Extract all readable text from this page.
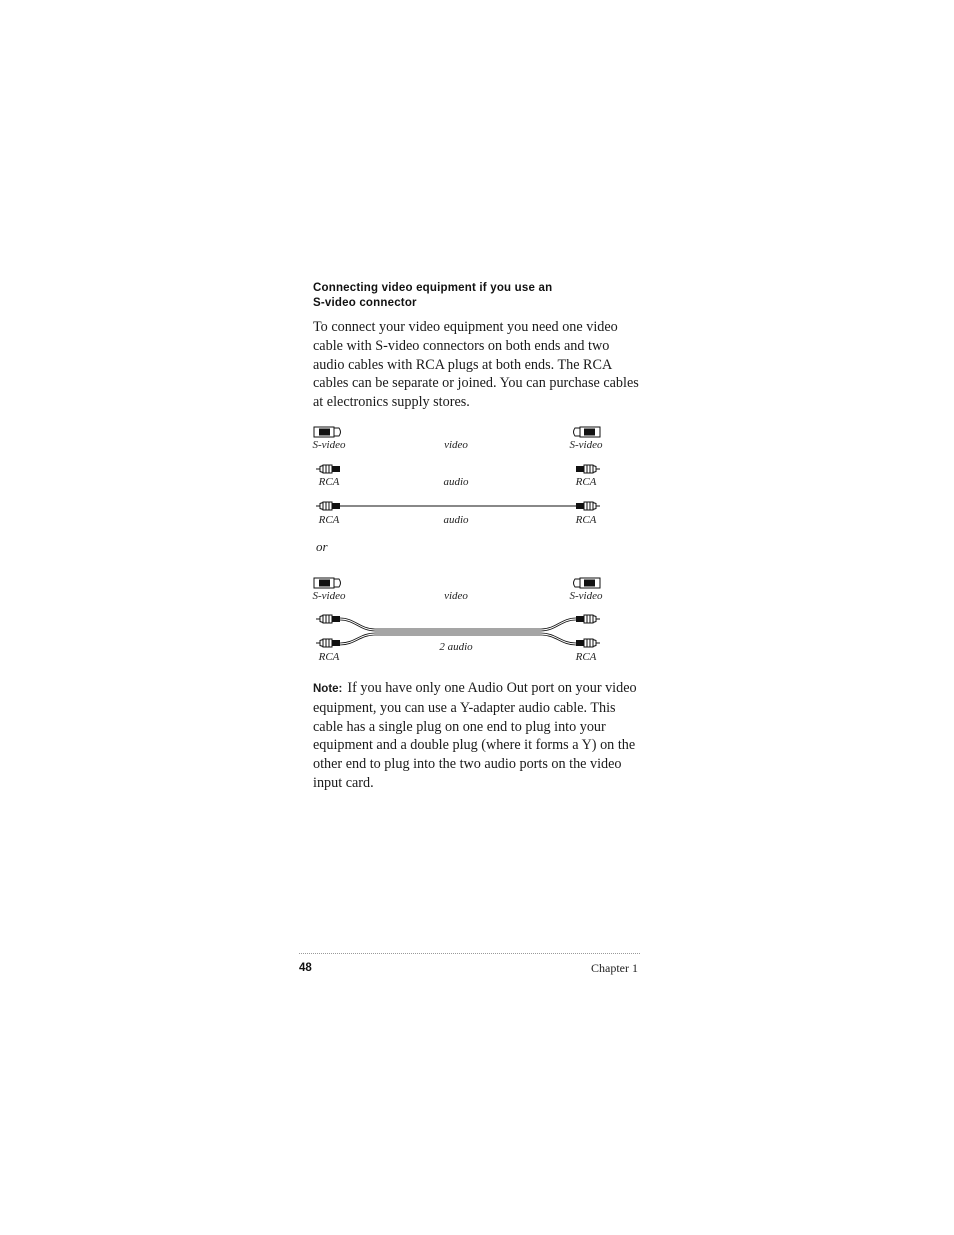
Connecting video equipment if you use an
S-video connector

To connect your video equipment you need one video cable with S-video connectors on both ends and two audio cables with RCA plugs at both ends. The RCA cables can be separate or joined. You can purchase cables at electronics supply stores.

S-video	video	S-video
RCA	audio	RCA
RCA	audio	RCA
or
S-video	video	S-video
2 audio
RCA	RCA

Note: If you have only one Audio Out port on your video equipment, you can use a Y-adapter audio cable. This cable has a single plug on one end to plug into your equipment and a double plug (where it forms a Y) on the other end to plug into the two audio ports on the video input card.

48	Chapter 1
